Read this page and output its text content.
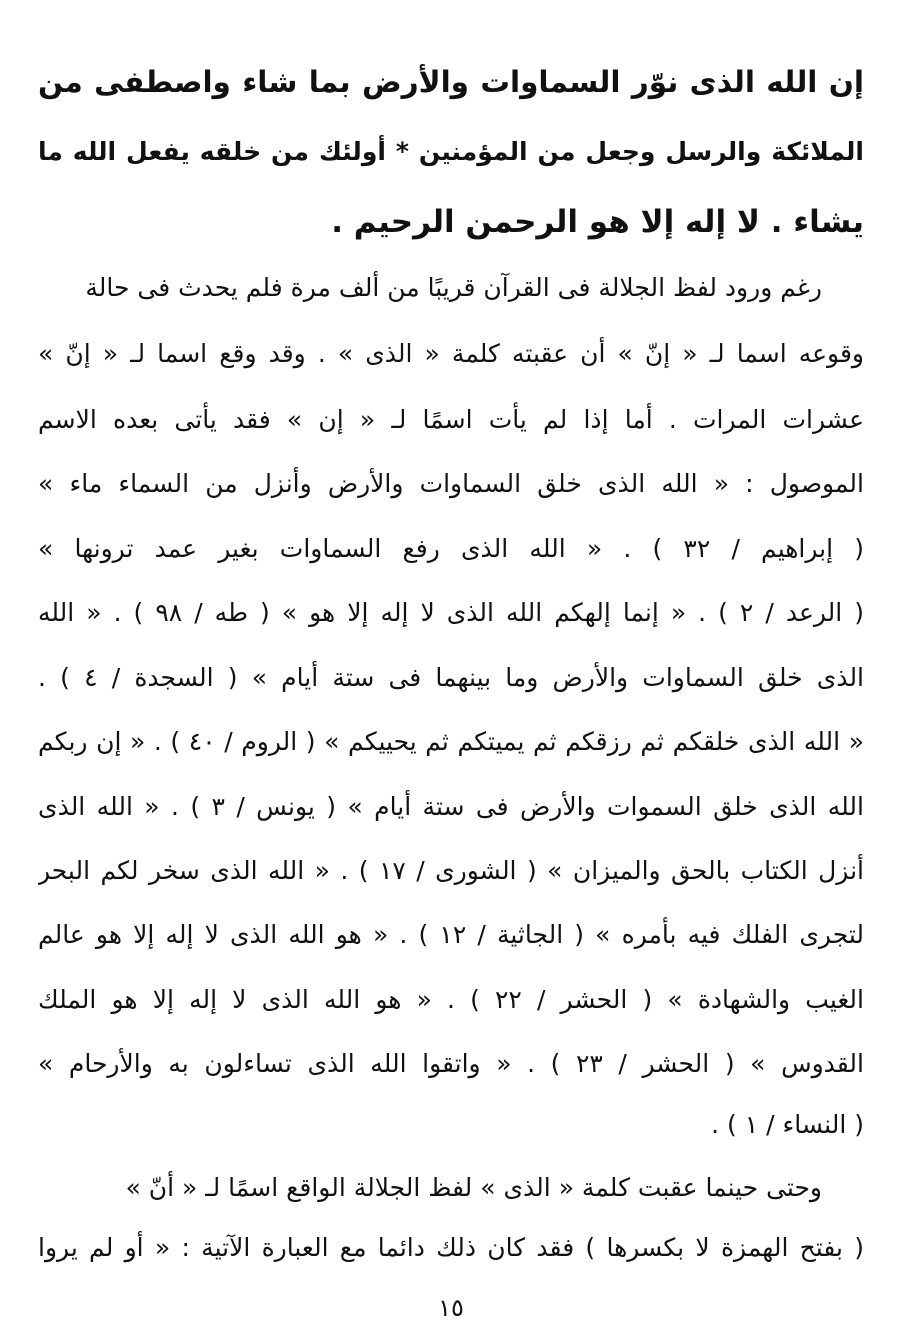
إن الله الذى نوّر السماوات والأرض بما شاء واصطفى من
الملائكة والرسل وجعل من المؤمنين * أولئك من خلقه يفعل الله ما
يشاء . لا إله إلا هو الرحمن الرحيم .
رغم ورود لفظ الجلالة فى القرآن قريبًا من ألف مرة فلم يحدث فى حالة
وقوعه اسما لـ « إنّ » أن عقبته كلمة « الذى » . وقد وقع اسما لـ « إنّ »
عشرات المرات . أما إذا لم يأت اسمًا لـ « إن » فقد يأتى بعده الاسم
الموصول : « الله الذى خلق السماوات والأرض وأنزل من السماء ماء »
( إبراهيم / ٣٢ ) . « الله الذى رفع السماوات بغير عمد ترونها »
( الرعد / ٢ ) . « إنما إلهكم الله الذى لا إله إلا هو » ( طه / ٩٨ ) . « الله
الذى خلق السماوات والأرض وما بينهما فى ستة أيام » ( السجدة / ٤ ) .
« الله الذى خلقكم ثم رزقكم ثم يميتكم ثم يحييكم » ( الروم / ٤٠ ) . « إن ربكم
الله الذى خلق السموات والأرض فى ستة أيام » ( يونس / ٣ ) . « الله الذى
أنزل الكتاب بالحق والميزان » ( الشورى / ١٧ ) . « الله الذى سخر لكم البحر
لتجرى الفلك فيه بأمره » ( الجاثية / ١٢ ) . « هو الله الذى لا إله إلا هو عالم
الغيب والشهادة » ( الحشر / ٢٢ ) . « هو الله الذى لا إله إلا هو الملك
القدوس » ( الحشر / ٢٣ ) . « واتقوا الله الذى تساءلون به والأرحام »
( النساء / ١ ) .
وحتى حينما عقبت كلمة « الذى » لفظ الجلالة الواقع اسمًا لـ « أنّ »
( بفتح الهمزة لا بكسرها ) فقد كان ذلك دائما مع العبارة الآتية : « أو لم يروا
١٥
